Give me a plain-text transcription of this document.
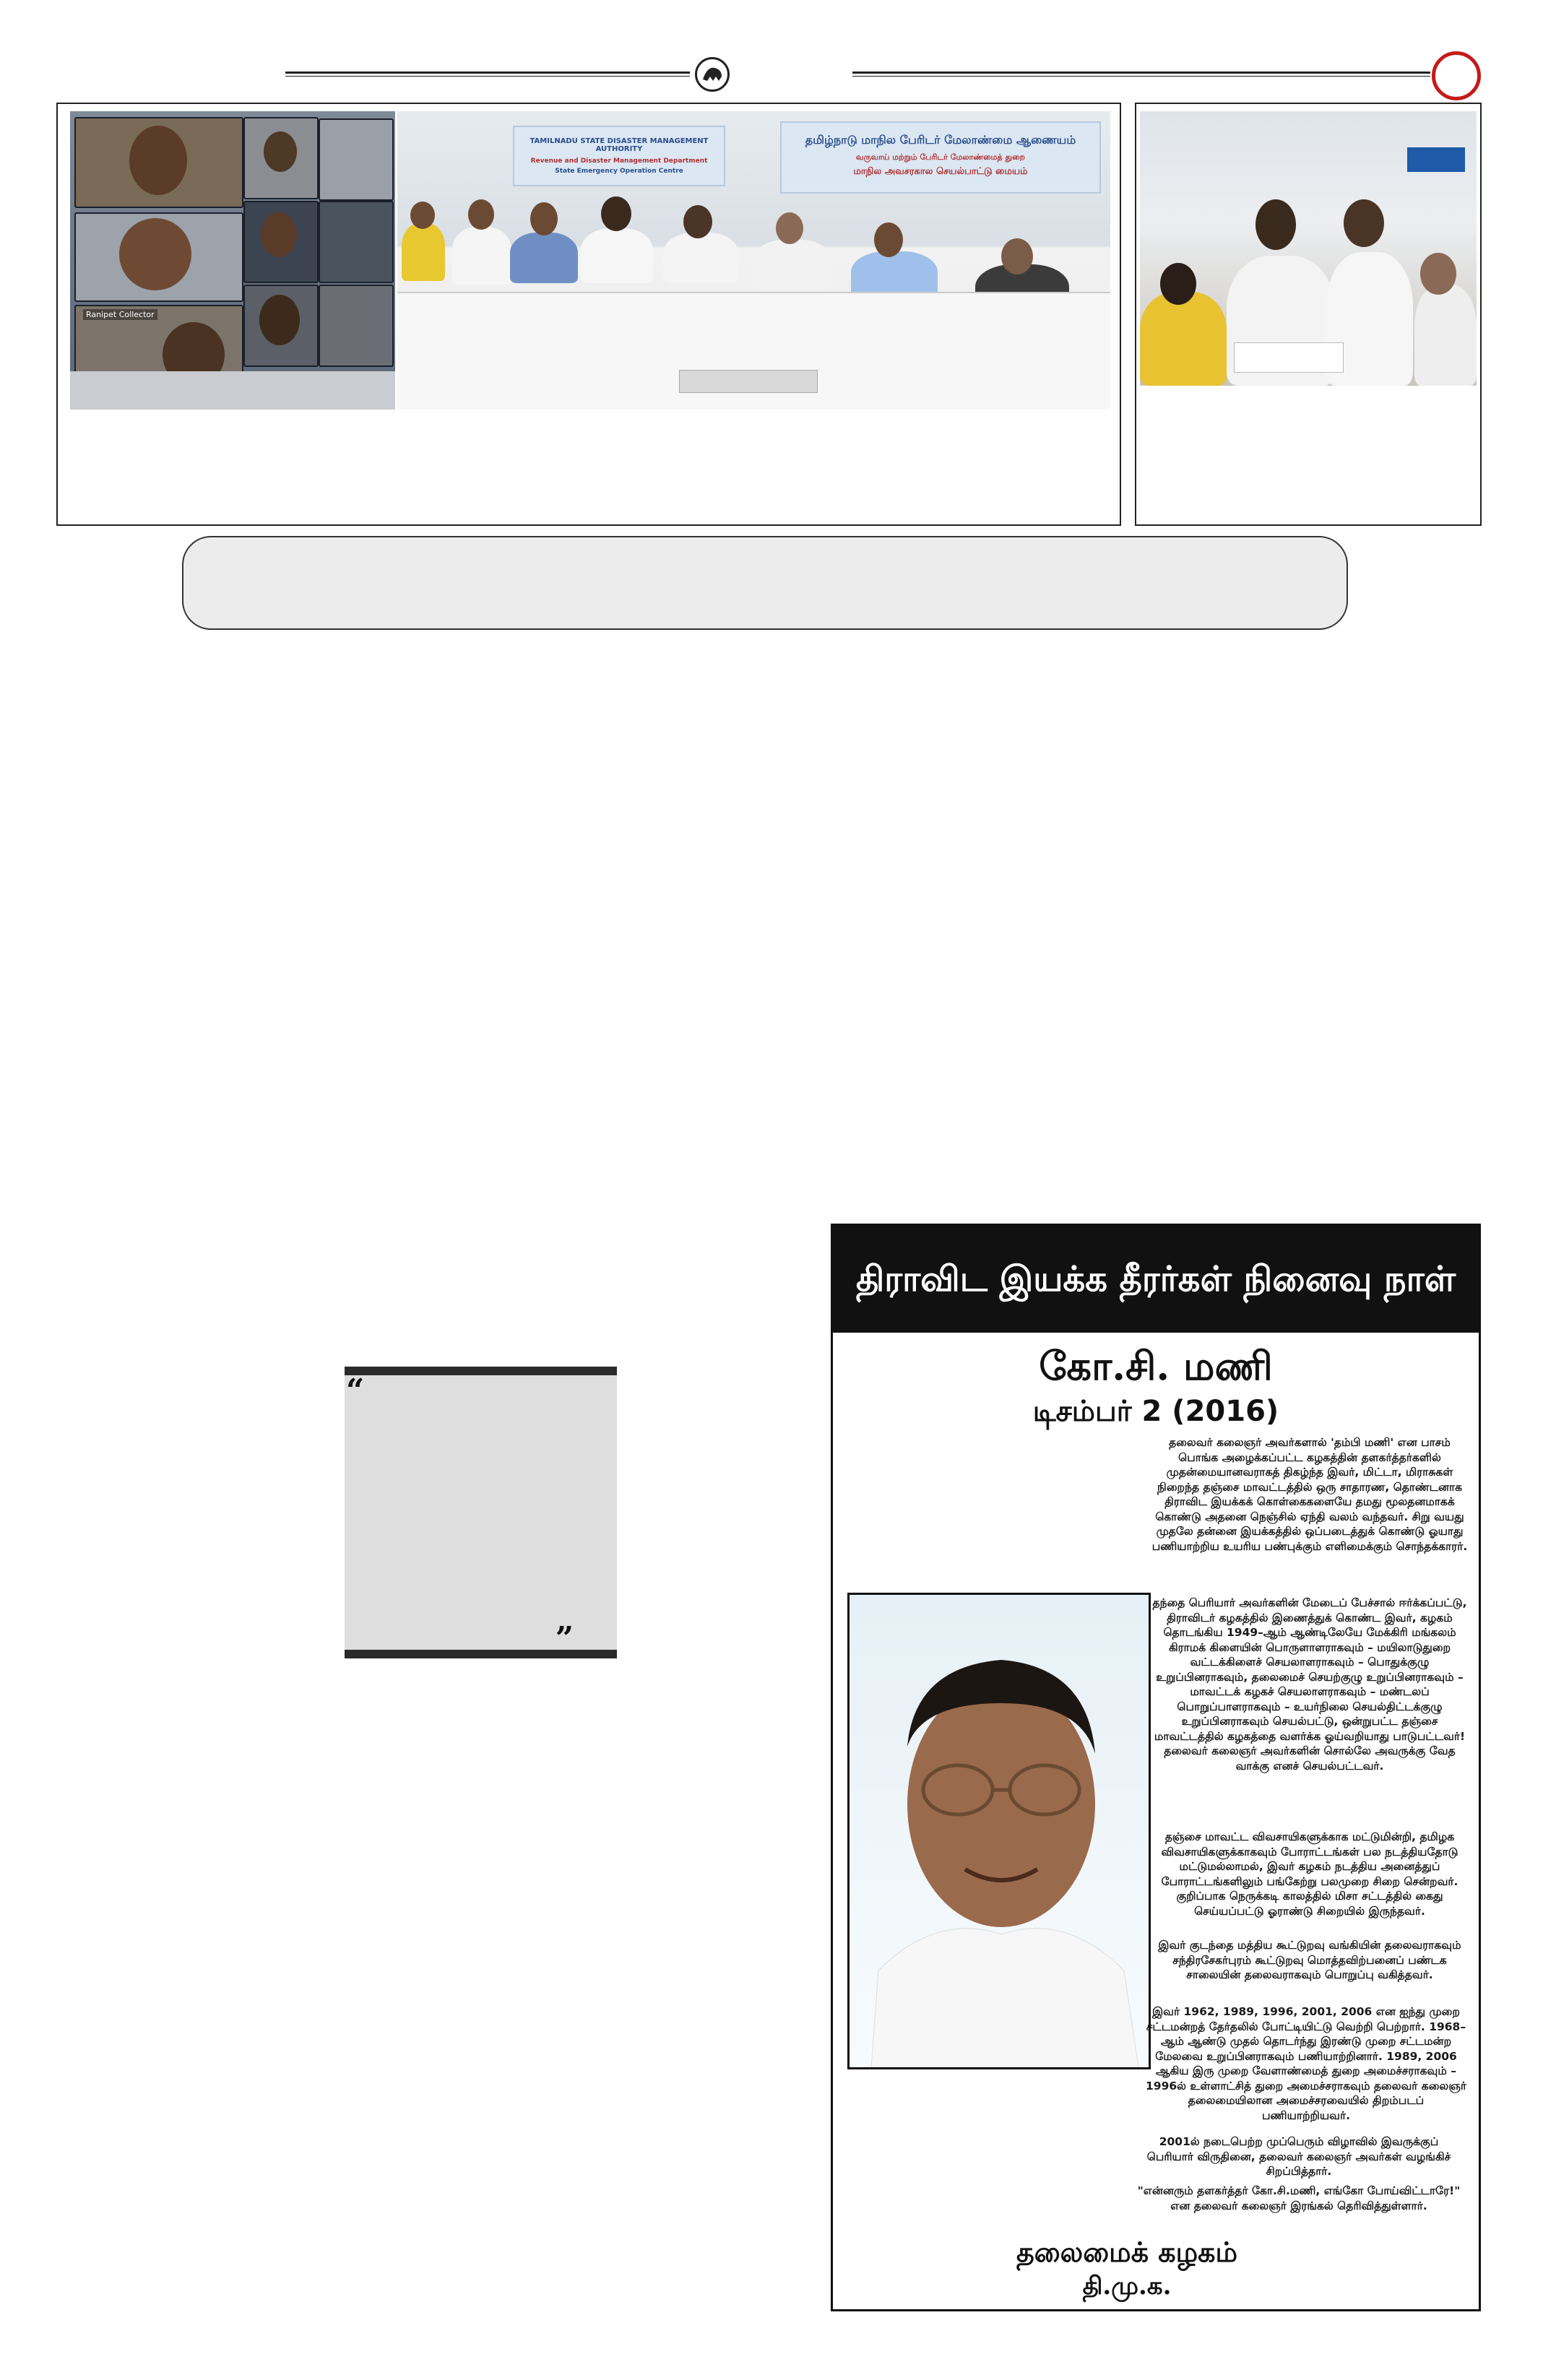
Ranipet Collector
TAMILNADU STATE DISASTER MANAGEMENT AUTHORITY
Revenue and Disaster Management Department
State Emergency Operation Centre
தமிழ்நாடு மாநில பேரிடர் மேலாண்மை ஆணையம்
வருவாய் மற்றும் பேரிடர் மேலாண்மைத் துறை
மாநில அவசரகால செயல்பாட்டு மையம்
“
”
திராவிட இயக்க தீரர்கள் நினைவு நாள்
கோ.சி. மணி
டிசம்பர் 2 (2016)
தலைவர் கலைஞர் அவர்களால் 'தம்பி மணி' என பாசம் பொங்க அழைக்கப்பட்ட கழகத்தின் தளகர்த்தர்களில் முதன்மையானவராகத் திகழ்ந்த இவர், மிட்டா, மிராசுகள் நிறைந்த தஞ்சை மாவட்டத்தில் ஒரு சாதாரண, தொண்டனாக திராவிட இயக்கக் கொள்கைகளையே தமது மூலதனமாகக் கொண்டு அதனை நெஞ்சில் ஏந்தி வலம் வந்தவர். சிறு வயது முதலே தன்னை இயக்கத்தில் ஒப்படைத்துக் கொண்டு ஓயாது பணியாற்றிய உயரிய பண்புக்கும் எளிமைக்கும் சொந்தக்காரர்.
தந்தை பெரியார் அவர்களின் மேடைப் பேச்சால் ஈர்க்கப்பட்டு, திராவிடர் கழகத்தில் இணைத்துக் கொண்ட இவர், கழகம் தொடங்கிய 1949–ஆம் ஆண்டிலேயே மேக்கிரி மங்கலம் கிராமக் கிளையின் பொருளாளராகவும் – மயிலாடுதுறை வட்டக்கிளைச் செயலாளராகவும் – பொதுக்குழு உறுப்பினராகவும், தலைமைச் செயற்குழு உறுப்பினராகவும் – மாவட்டக் கழகச் செயலாளராகவும் – மண்டலப் பொறுப்பாளராகவும் – உயர்நிலை செயல்திட்டக்குழு உறுப்பினராகவும் செயல்பட்டு, ஒன்றுபட்ட தஞ்சை மாவட்டத்தில் கழகத்தை வளர்க்க ஓய்வறியாது பாடுபட்டவர்! தலைவர் கலைஞர் அவர்களின் சொல்லே அவருக்கு வேத வாக்கு எனச் செயல்பட்டவர்.
தஞ்சை மாவட்ட விவசாயிகளுக்காக மட்டுமின்றி, தமிழக விவசாயிகளுக்காகவும் போராட்டங்கள் பல நடத்தியதோடு மட்டுமல்லாமல், இவர் கழகம் நடத்திய அனைத்துப் போராட்டங்களிலும் பங்கேற்று பலமுறை சிறை சென்றவர். குறிப்பாக நெருக்கடி காலத்தில் மிசா சட்டத்தில் கைது செய்யப்பட்டு ஓராண்டு சிறையில் இருந்தவர்.
இவர் குடந்தை மத்திய கூட்டுறவு வங்கியின் தலைவராகவும் சந்திரசேகர்புரம் கூட்டுறவு மொத்தவிற்பனைப் பண்டக சாலையின் தலைவராகவும் பொறுப்பு வகித்தவர்.
இவர் 1962, 1989, 1996, 2001, 2006 என ஐந்து முறை சட்டமன்றத் தேர்தலில் போட்டியிட்டு வெற்றி பெற்றார். 1968–ஆம் ஆண்டு முதல் தொடர்ந்து இரண்டு முறை சட்டமன்ற மேலவை உறுப்பினராகவும் பணியாற்றினார். 1989, 2006 ஆகிய இரு முறை வேளாண்மைத் துறை அமைச்சராகவும் – 1996ல் உள்ளாட்சித் துறை அமைச்சராகவும் தலைவர் கலைஞர் தலைமையிலான அமைச்சரவையில் திறம்படப் பணியாற்றியவர்.
2001ல் நடைபெற்ற முப்பெரும் விழாவில் இவருக்குப் பெரியார் விருதினை, தலைவர் கலைஞர் அவர்கள் வழங்கிச் சிறப்பித்தார்.
"என்னரும் தளகர்த்தர் கோ.சி.மணி, எங்கோ போய்விட்டாரே!" என தலைவர் கலைஞர் இரங்கல் தெரிவித்துள்ளார்.
தலைமைக் கழகம்
தி.மு.க.
